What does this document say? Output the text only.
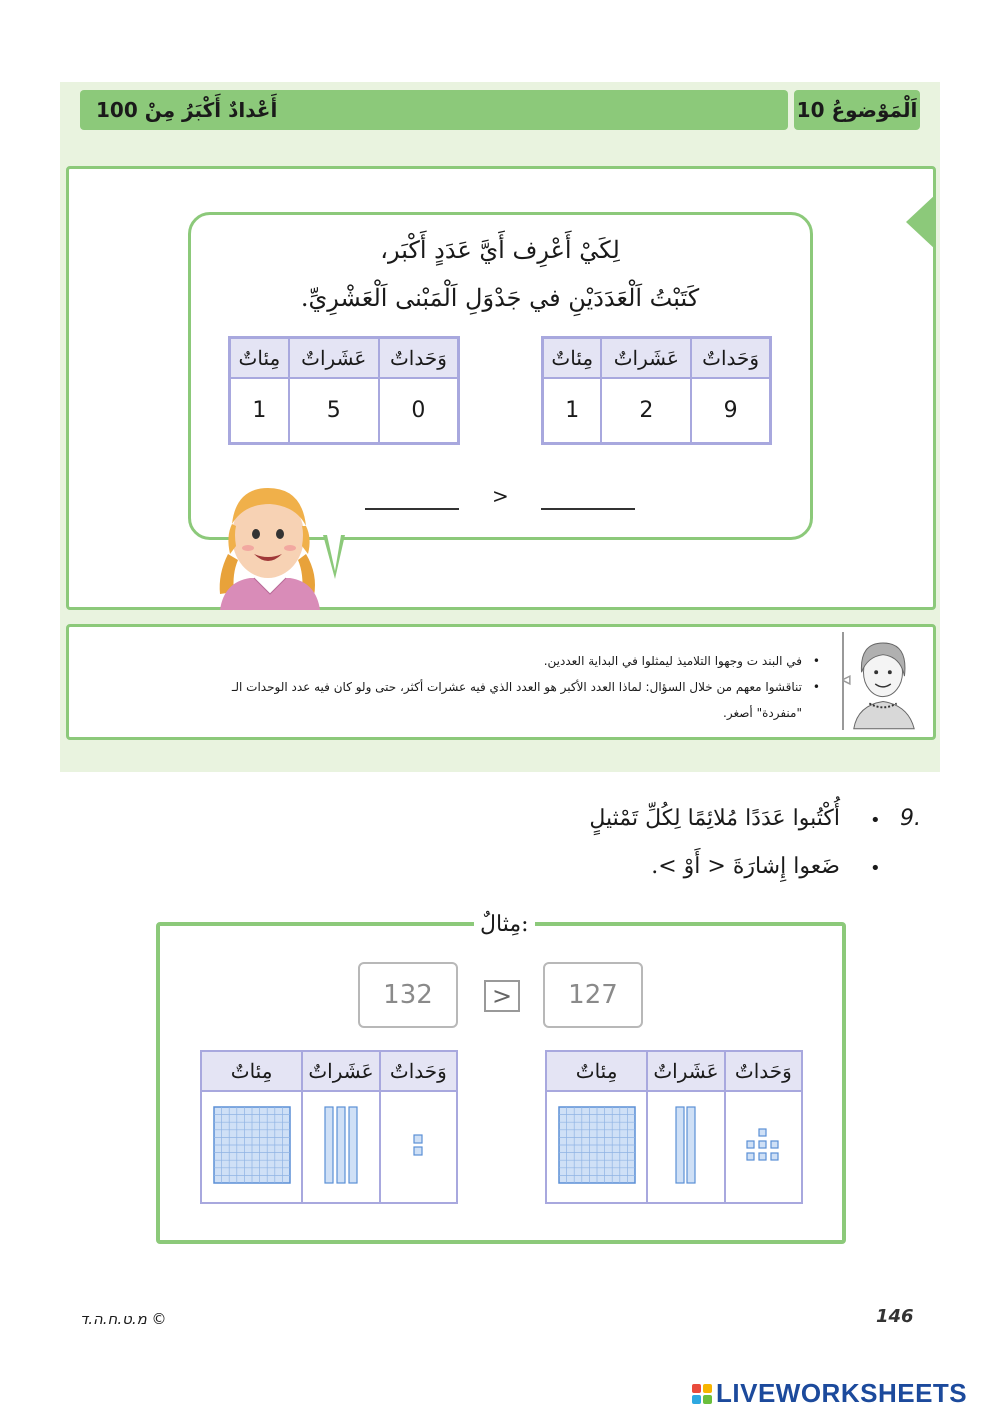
أَعْدادٌ أَكْبَرُ مِنْ 100	اَلْمَوْضوعُ 10
لِكَيْ أَعْرِف أَيَّ عَدَدٍ أَكْبَر،
كَتَبْتُ اَلْعَدَدَيْنِ في جَدْوَلِ اَلْمَبْنى اَلْعَشْرِيِّ.
مِئاتٌ	عَشَراتٌ	وَحَداتٌ
1	5	0
مِئاتٌ	عَشَراتٌ	وَحَداتٌ
1	2	9
>
• في البند ت وجهوا التلاميذ ليمثلوا في البداية العددين.
• تناقشوا معهم من خلال السؤال: لماذا العدد الأكبر هو العدد الذي فيه عشرات أكثر، حتى ولو كان فيه عدد الوحدات الـ "منفردة" أصغر.
9.
•
أُكْتُبوا عَدَدًا مُلائِمًا لِكُلِّ تَمْثيلٍ
•
ضَعوا إِشارَةَ < أَوْ >.
مِثالٌ:
132	>	127
مِئاتٌ	عَشَراتٌ	وَحَداتٌ
			مِئاتٌ	عَشَراتٌ	وَحَداتٌ

מ.ט.ח.ה.ד ©	146
LIVEWORKSHEETS
